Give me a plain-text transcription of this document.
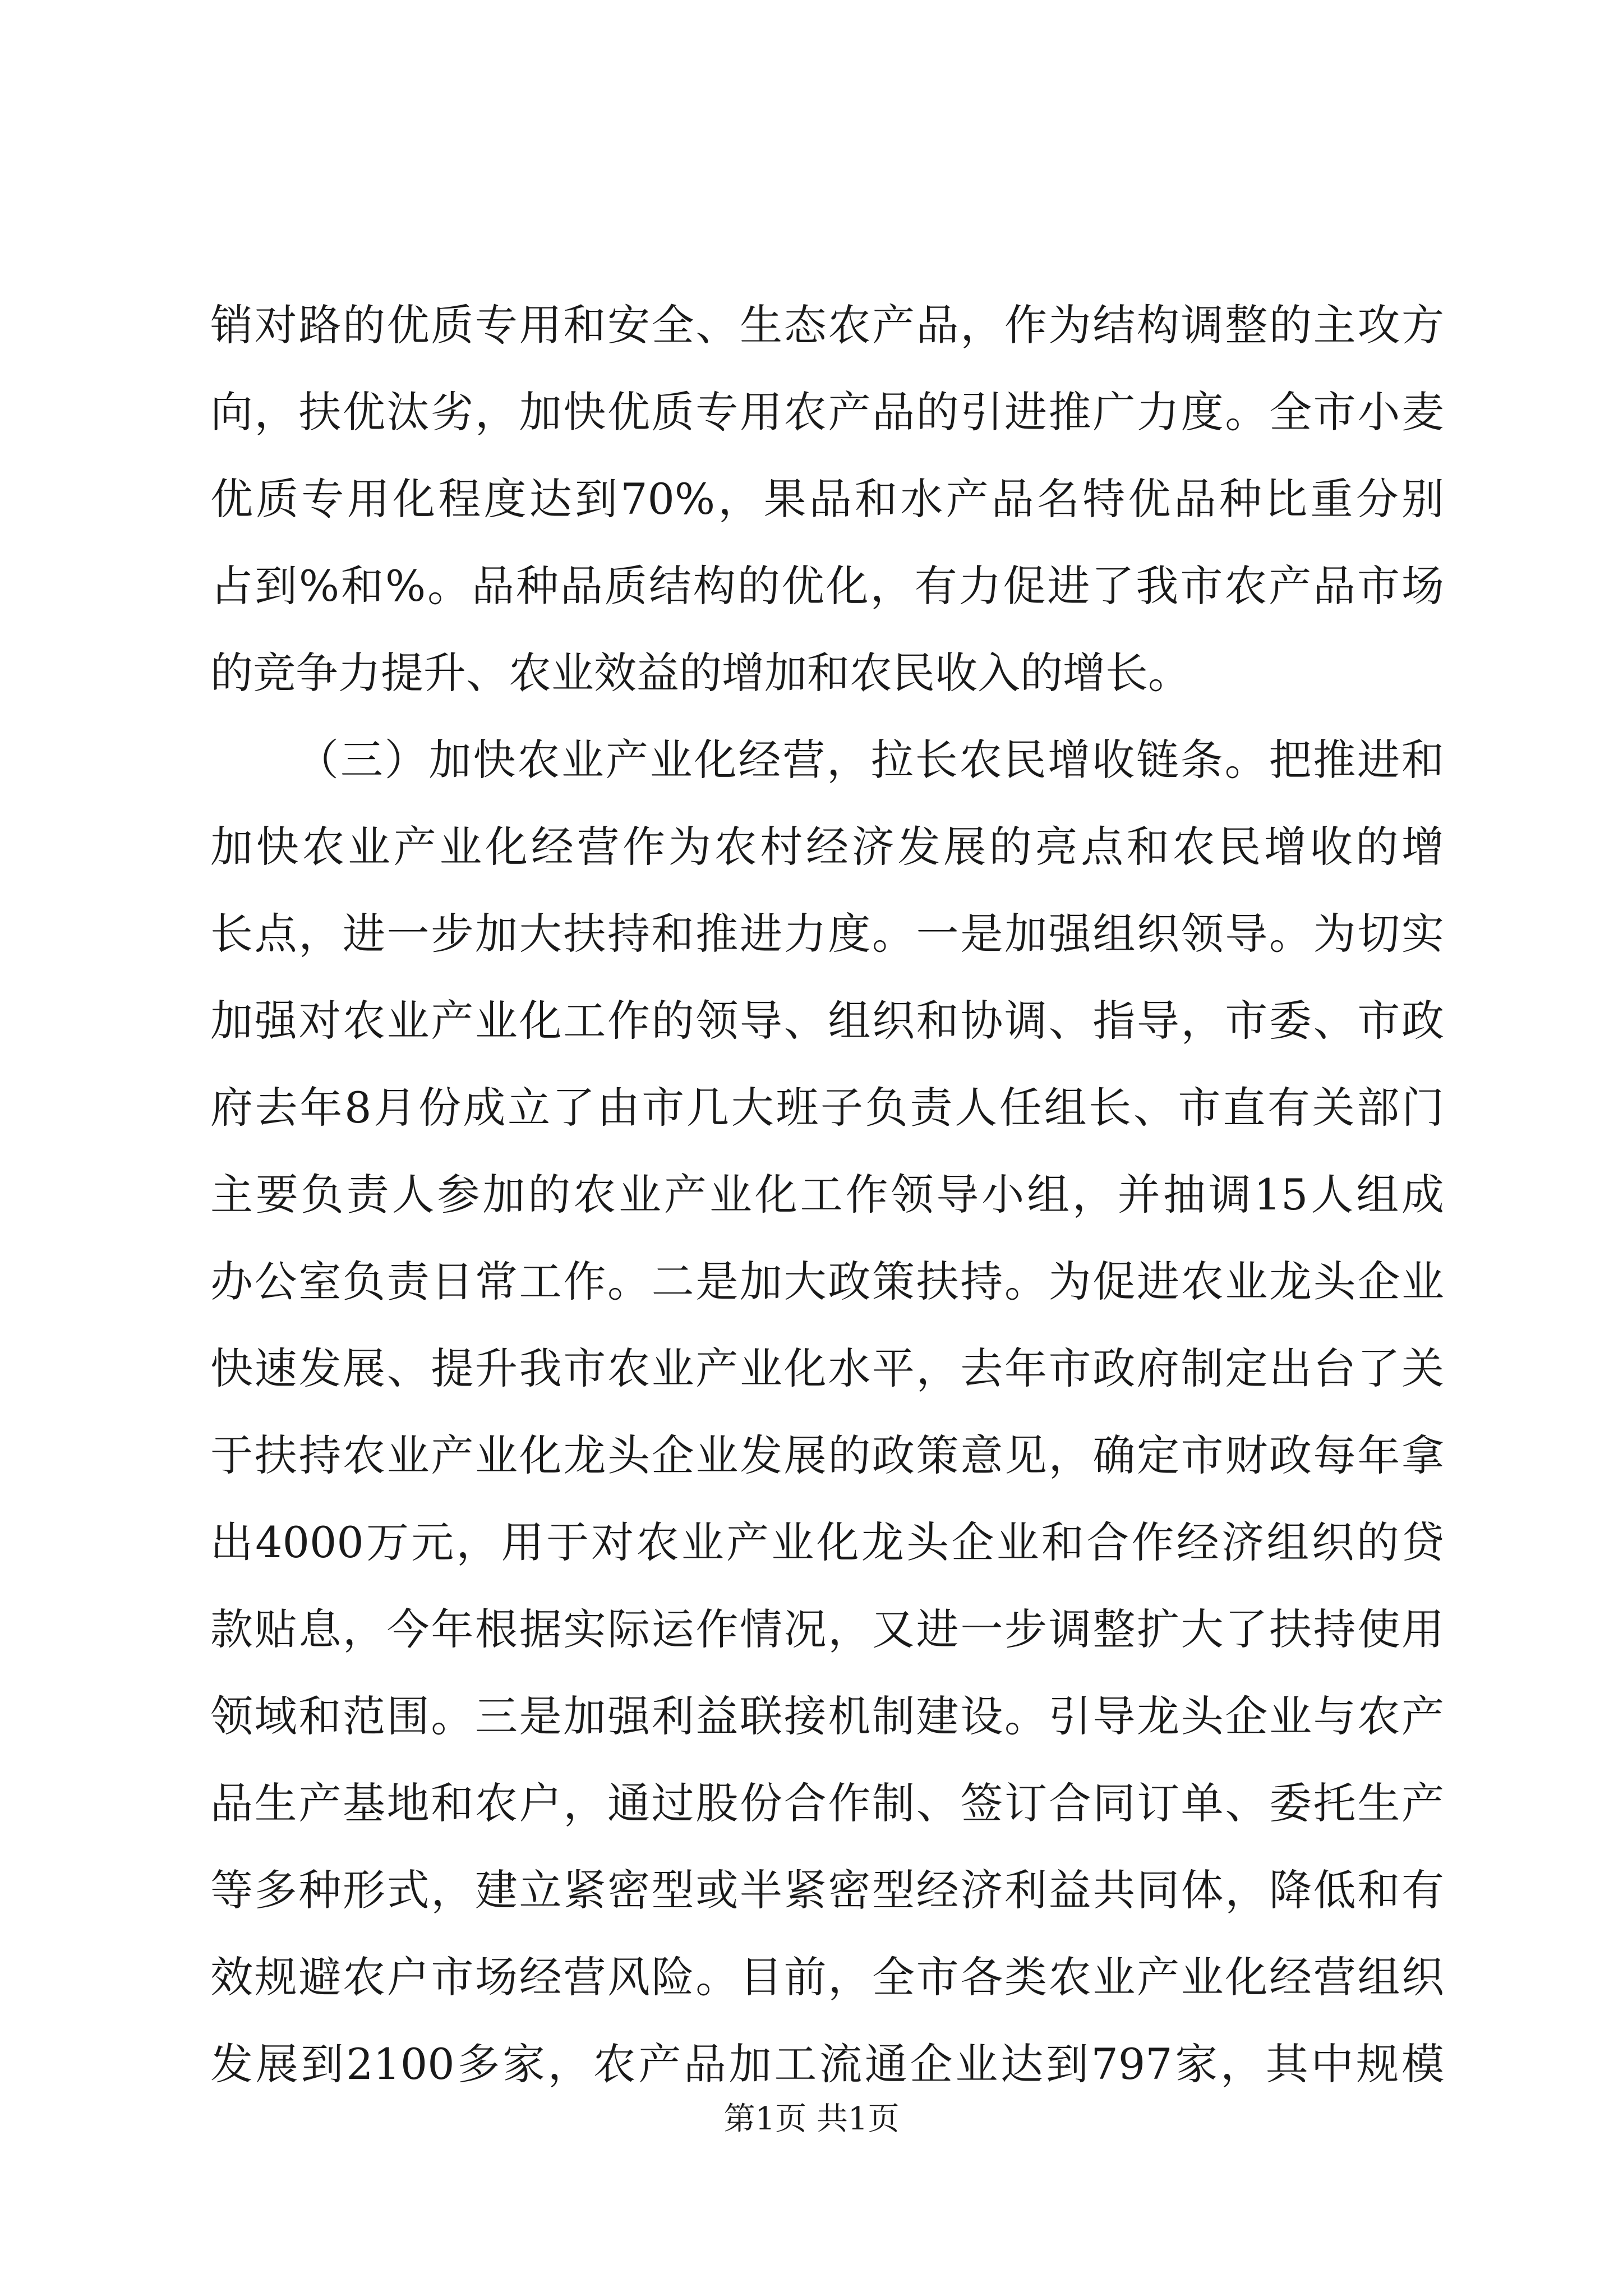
销对路的优质专用和安全、生态农产品，作为结构调整的主攻方
向，扶优汰劣，加快优质专用农产品的引进推广力度。全市小麦
优质专用化程度达到70%，果品和水产品名特优品种比重分别
占到%和%。品种品质结构的优化，有力促进了我市农产品市场
的竞争力提升、农业效益的增加和农民收入的增长。
（三）加快农业产业化经营，拉长农民增收链条。把推进和
加快农业产业化经营作为农村经济发展的亮点和农民增收的增
长点，进一步加大扶持和推进力度。一是加强组织领导。为切实
加强对农业产业化工作的领导、组织和协调、指导，市委、市政
府去年8月份成立了由市几大班子负责人任组长、市直有关部门
主要负责人参加的农业产业化工作领导小组，并抽调15人组成
办公室负责日常工作。二是加大政策扶持。为促进农业龙头企业
快速发展、提升我市农业产业化水平，去年市政府制定出台了关
于扶持农业产业化龙头企业发展的政策意见，确定市财政每年拿
出4000万元，用于对农业产业化龙头企业和合作经济组织的贷
款贴息，今年根据实际运作情况，又进一步调整扩大了扶持使用
领域和范围。三是加强利益联接机制建设。引导龙头企业与农产
品生产基地和农户，通过股份合作制、签订合同订单、委托生产
等多种形式，建立紧密型或半紧密型经济利益共同体，降低和有
效规避农户市场经营风险。目前，全市各类农业产业化经营组织
发展到2100多家，农产品加工流通企业达到797家，其中规模
第1页 共1页
